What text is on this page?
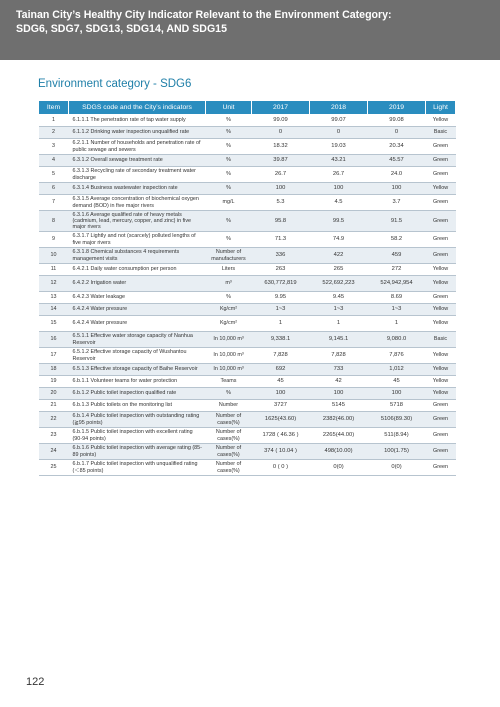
Tainan City’s Healthy City Indicator Relevant to the Environment Category:
SDG6, SDG7, SDG13, SDG14, AND SDG15
Environment category - SDG6
Item	SDGS code and the City’s indicators	Unit	2017	2018	2019	Light
1	6.1.1.1 The penetration rate of tap water supply	%	99.09	99.07	99.08	Yellow
2	6.1.1.2 Drinking water inspection unqualified rate	%	0	0	0	Basic
3	6.2.1.1 Number of households and penetration rate of public sewage and sewers	%	18.32	19.03	20.34	Green
4	6.3.1.2 Overall sewage treatment rate	%	39.87	43.21	45.57	Green
5	6.3.1.3 Recycling rate of secondary treatment water discharge	%	26.7	26.7	24.0	Green
6	6.3.1.4 Business wastewater inspection rate	%	100	100	100	Yellow
7	6.3.1.5 Average concentration of biochemical oxygen demand (BOD) in five major rivers	mg/L	5.3	4.5	3.7	Green
8	6.3.1.6 Average qualified rate of heavy metals (cadmium, lead, mercury, copper, and zinc) in five major rivers	%	95.8	99.5	91.5	Green
9	6.3.1.7 Lightly and not (scarcely) polluted lengths of five major rivers	%	71.3	74.9	58.2	Green
10	6.3.1.8 Chemical substances 4 requirements management visits	Number of manufacturers	336	422	459	Green
11	6.4.2.1 Daily water consumption per person	Liters	263	265	272	Yellow
12	6.4.2.2 Irrigation water	m³	630,772,819	522,692,223	524,942,954	Yellow
13	6.4.2.3 Water leakage	%	9.95	9.45	8.69	Green
14	6.4.2.4 Water pressure	Kg/cm²	1~3	1~3	1~3	Yellow
15	6.4.2.4 Water pressure	Kg/cm²	1	1	1	Yellow
16	6.5.1.1 Effective water storage capacity of Nanhua Reservoir	In 10,000 m³	9,338.1	9,145.1	9,080.0	Basic
17	6.5.1.2 Effective storage capacity of Wushantou Reservoir	In 10,000 m³	7,828	7,828	7,876	Yellow
18	6.5.1.3 Effective storage capacity of Baihe Reservoir	In 10,000 m³	692	733	1,012	Yellow
19	6.b.1.1 Volunteer teams for water protection	Teams	45	42	45	Yellow
20	6.b.1.2 Public toilet inspection qualified rate	%	100	100	100	Yellow
21	6.b.1.3 Public toilets on the monitoring list	Number	3727	5145	5718	Green
22	6.b.1.4 Public toilet inspection with outstanding rating (≧95 points)	Number of cases(%)	1625(43.60)	2382(46.00)	5106(89.30)	Green
23	6.b.1.5 Public toilet inspection with excellent rating (90-94 points)	Number of cases(%)	1728 ( 46.36 )	2265(44.00)	511(8.94)	Green
24	6.b.1.6 Public toilet inspection with average rating (85-89 points)	Number of cases(%)	374 ( 10.04 )	498(10.00)	100(1.75)	Green
25	6.b.1.7 Public toilet inspection with unqualified rating (＜85 points)	Number of cases(%)	0 ( 0 )	0(0)	0(0)	Green
122
